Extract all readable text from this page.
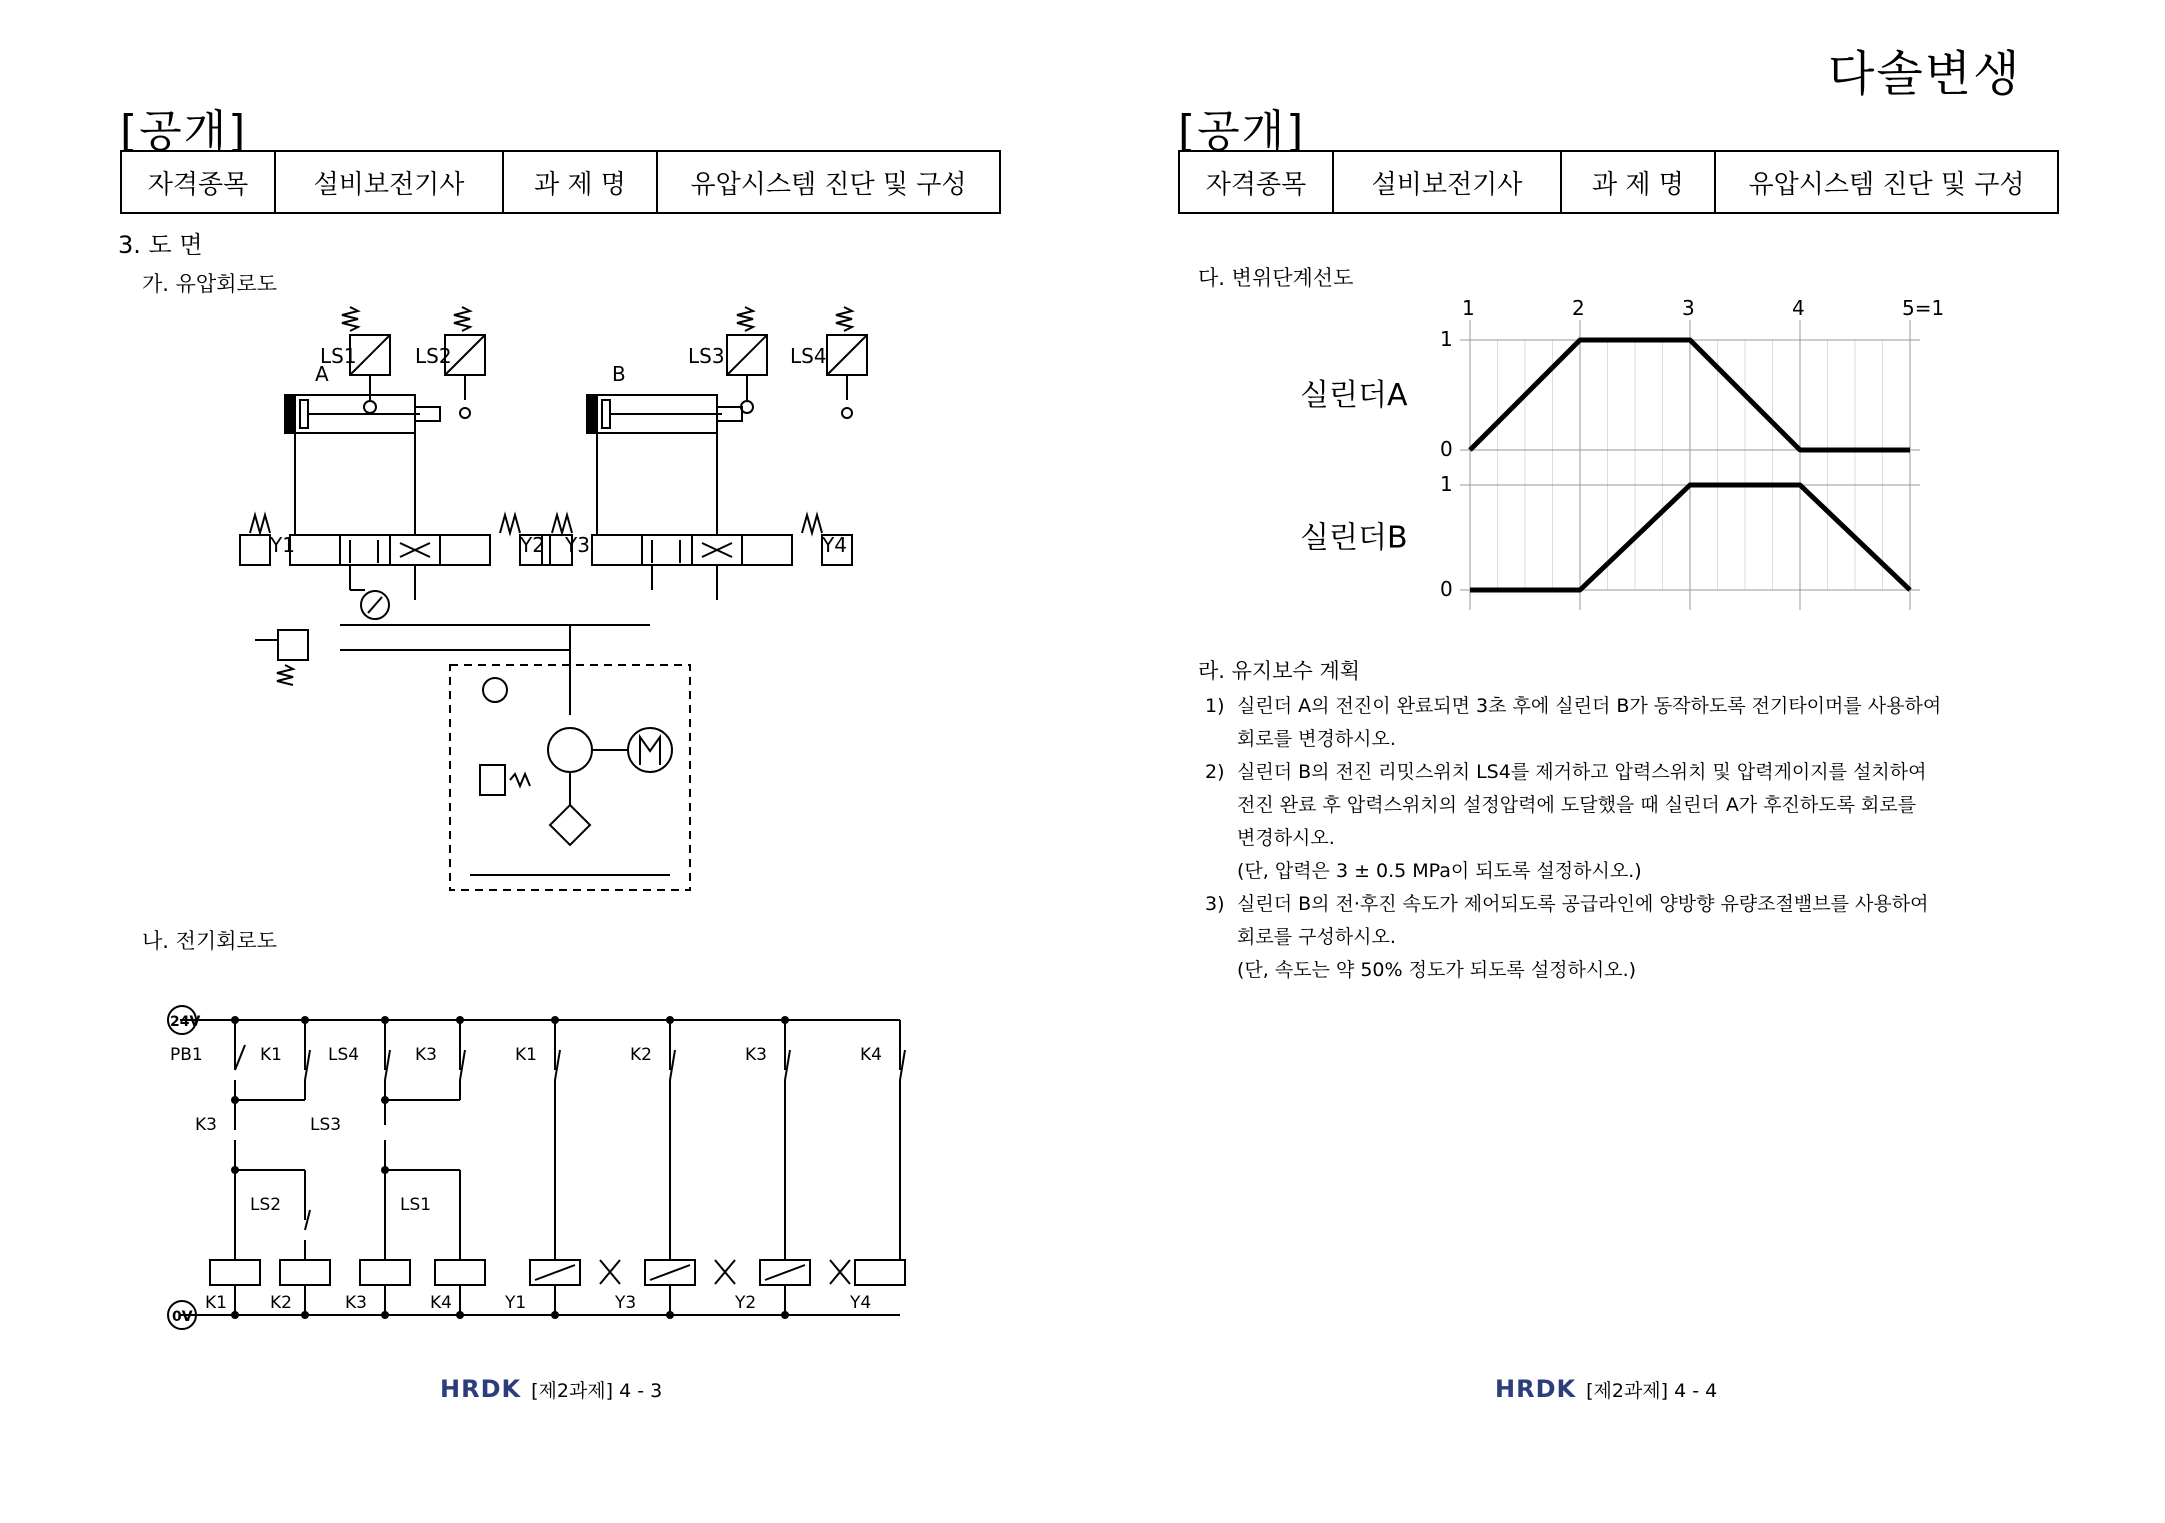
다솔변생
[공개]
자격종목	설비보전기사	과 제 명	유압시스템 진단 및 구성
3. 도 면
가. 유압회로도
LS1	LS2	LS3	LS4
A	B
Y1	Y2 Y3	Y4
나. 전기회로도
24V
0V
PB1	K1	LS4	K3	K1	K2	K3	K4
K3	LS3
LS2	LS1
K1	K2	K3	K4	Y1	Y3	Y2	Y4
HRDK [제2과제] 4 - 3
[공개]
자격종목	설비보전기사	과 제 명	유압시스템 진단 및 구성
다. 변위단계선도
1	2	3	4	5=1
1
0
실린더A
1
0
실린더B
라. 유지보수 계획
1) 실린더 A의 전진이 완료되면 3초 후에 실린더 B가 동작하도록 전기타이머를 사용하여
회로를 변경하시오.
2) 실린더 B의 전진 리밋스위치 LS4를 제거하고 압력스위치 및 압력게이지를 설치하여
전진 완료 후 압력스위치의 설정압력에 도달했을 때 실린더 A가 후진하도록 회로를
변경하시오.
(단, 압력은 3 ± 0.5 MPa이 되도록 설정하시오.)
3) 실린더 B의 전·후진 속도가 제어되도록 공급라인에 양방향 유량조절밸브를 사용하여
회로를 구성하시오.
(단, 속도는 약 50% 정도가 되도록 설정하시오.)
HRDK [제2과제] 4 - 4
